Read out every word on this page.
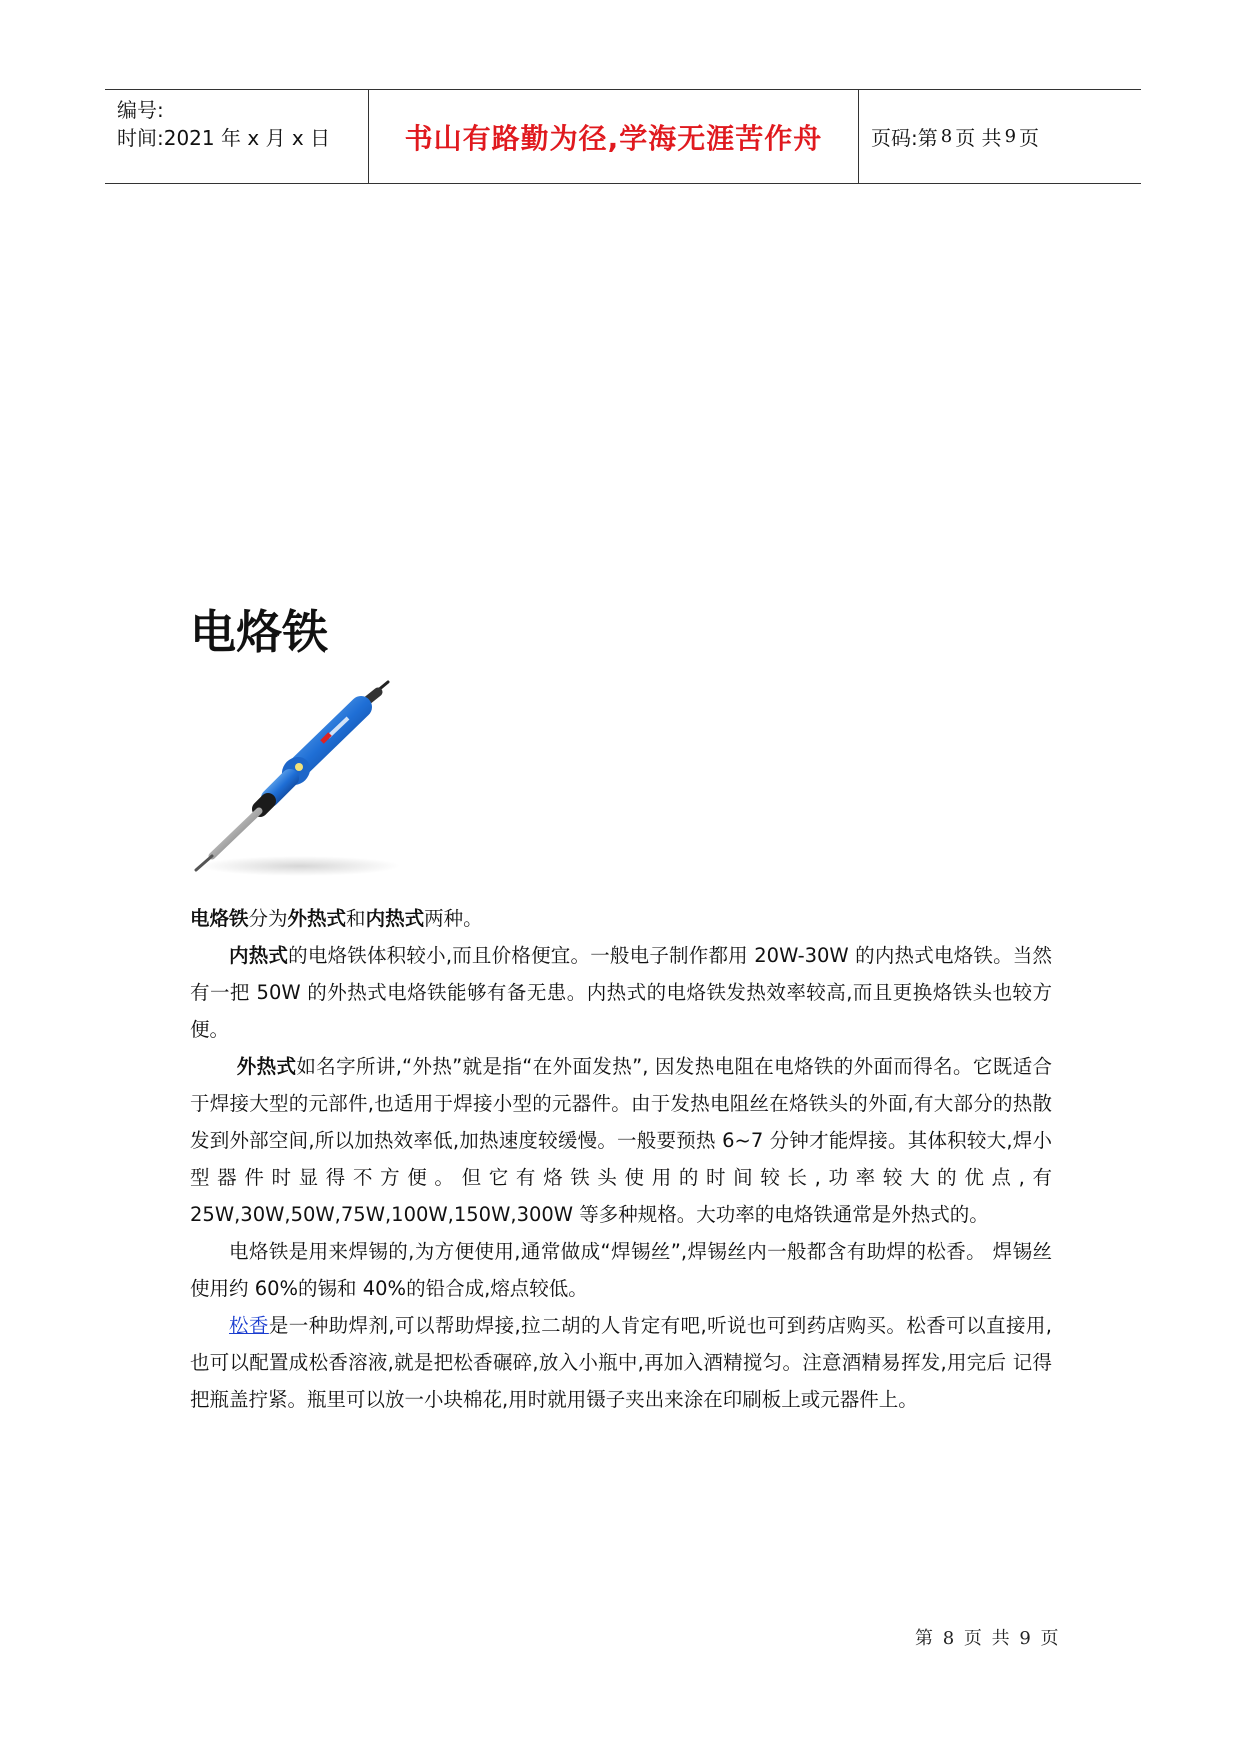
编号:
时间:2021 年 x 月 x 日	书山有路勤为径,学海无涯苦作舟	页码:第 8 页 共 9 页
电烙铁

电烙铁分为外热式和内热式两种。

内热式的电烙铁体积较小,而且价格便宜。一般电子制作都用 20W-30W 的内热式电烙铁。当然有一把 50W 的外热式电烙铁能够有备无患。内热式的电烙铁发热效率较高,而且更换烙铁头也较方便。

外热式如名字所讲,“外热”就是指“在外面发热”, 因发热电阻在电烙铁的外面而得名。它既适合于焊接大型的元部件,也适用于焊接小型的元器件。由于发热电阻丝在烙铁头的外面,有大部分的热散发到外部空间,所以加热效率低,加热速度较缓慢。一般要预热 6~7 分钟才能焊接。其体积较大,焊小型器件时显得不方便。但它有烙铁头使用的时间较长,功率较大的优点,有 25W,30W,50W,75W,100W,150W,300W 等多种规格。大功率的电烙铁通常是外热式的。

电烙铁是用来焊锡的,为方便使用,通常做成“焊锡丝”,焊锡丝内一般都含有助焊的松香。 焊锡丝使用约 60%的锡和 40%的铅合成,熔点较低。

松香是一种助焊剂,可以帮助焊接,拉二胡的人肯定有吧,听说也可到药店购买。松香可以直接用,也可以配置成松香溶液,就是把松香碾碎,放入小瓶中,再加入酒精搅匀。注意酒精易挥发,用完后 记得把瓶盖拧紧。瓶里可以放一小块棉花,用时就用镊子夹出来涂在印刷板上或元器件上。

第 8 页 共 9 页
